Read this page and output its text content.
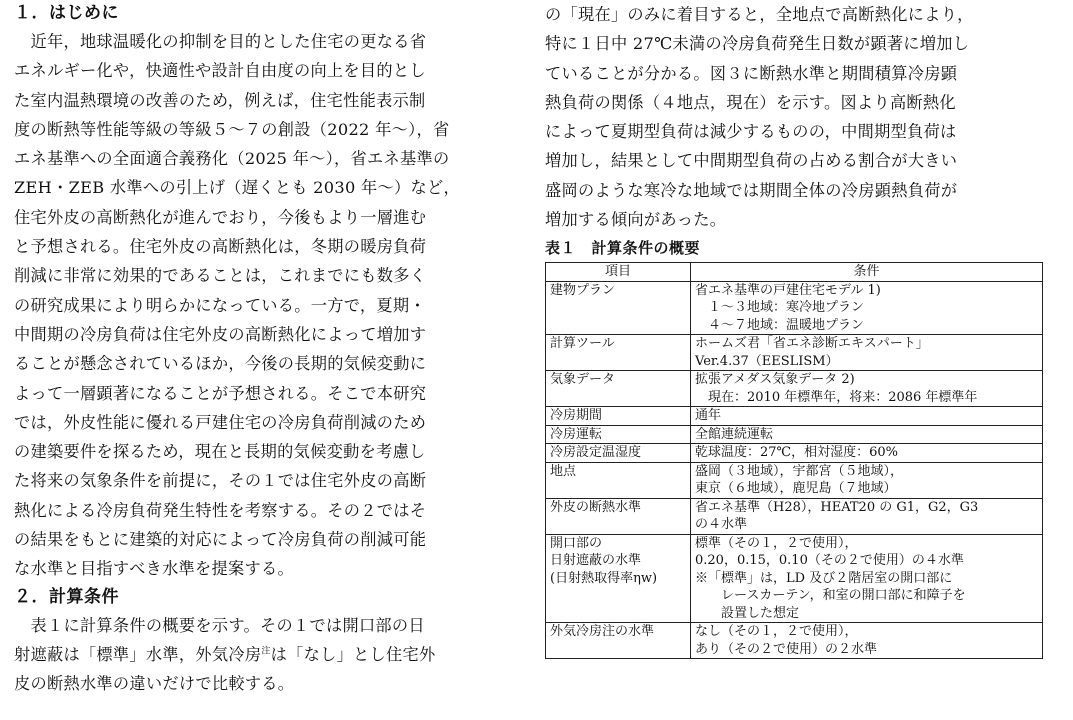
１．はじめに

　近年，地球温暖化の抑制を目的とした住宅の更なる省

エネルギー化や，快適性や設計自由度の向上を目的とし

た室内温熱環境の改善のため，例えば，住宅性能表示制

度の断熱等性能等級の等級５～７の創設（2022 年～），省

エネ基準への全面適合義務化（2025 年～），省エネ基準の

ZEH・ZEB 水準への引上げ（遅くとも 2030 年～）など，

住宅外皮の高断熱化が進んでおり，今後もより一層進む

と予想される。住宅外皮の高断熱化は，冬期の暖房負荷

削減に非常に効果的であることは，これまでにも数多く

の研究成果により明らかになっている。一方で，夏期・

中間期の冷房負荷は住宅外皮の高断熱化によって増加す

ることが懸念されているほか，今後の長期的気候変動に

よって一層顕著になることが予想される。そこで本研究

では，外皮性能に優れる戸建住宅の冷房負荷削減のため

の建築要件を探るため，現在と長期的気候変動を考慮し

た将来の気象条件を前提に，その１では住宅外皮の高断

熱化による冷房負荷発生特性を考察する。その２ではそ

の結果をもとに建築的対応によって冷房負荷の削減可能

な水準と目指すべき水準を提案する。

２．計算条件

　表１に計算条件の概要を示す。その１では開口部の日

射遮蔽は「標準」水準，外気冷房$^注$は「なし」とし住宅外

皮の断熱水準の違いだけで比較する。

の「現在」のみに着目すると，全地点で高断熱化により，

特に１日中 27℃未満の冷房負荷発生日数が顕著に増加し

ていることが分かる。図３に断熱水準と期間積算冷房顕

熱負荷の関係（４地点，現在）を示す。図より高断熱化

によって夏期型負荷は減少するものの，中間期型負荷は

増加し，結果として中間期型負荷の占める割合が大きい

盛岡のような寒冷な地域では期間全体の冷房顕熱負荷が

増加する傾向があった。

表１　計算条件の概要
項目	条件

建物プラン	省エネ基準の戸建住宅モデル 1)
　１～３地域：寒冷地プラン
　４～７地域：温暖地プラン

計算ツール	ホームズ君「省エネ診断エキスパート」
Ver.4.37（EESLISM）

気象データ	拡張アメダス気象データ 2)
　現在：2010 年標準年，将来：2086 年標準年

冷房期間	通年

冷房運転	全館連続運転

冷房設定温湿度	乾球温度：27℃，相対湿度：60%

地点	盛岡（３地域），宇都宮（５地域），
東京（６地域），鹿児島（７地域）

外皮の断熱水準	省エネ基準（H28），HEAT20 の G1，G2，G3
の４水準

開口部の
日射遮蔽の水準
(日射熱取得率ηw)	標準（その１，２で使用），
0.20，0.15，0.10（その２で使用）の４水準
※「標準」は，LD 及び２階居室の開口部に
　　レースカーテン，和室の開口部に和障子を
　　設置した想定

外気冷房注の水準	なし（その１，２で使用），
あり（その２で使用）の２水準
